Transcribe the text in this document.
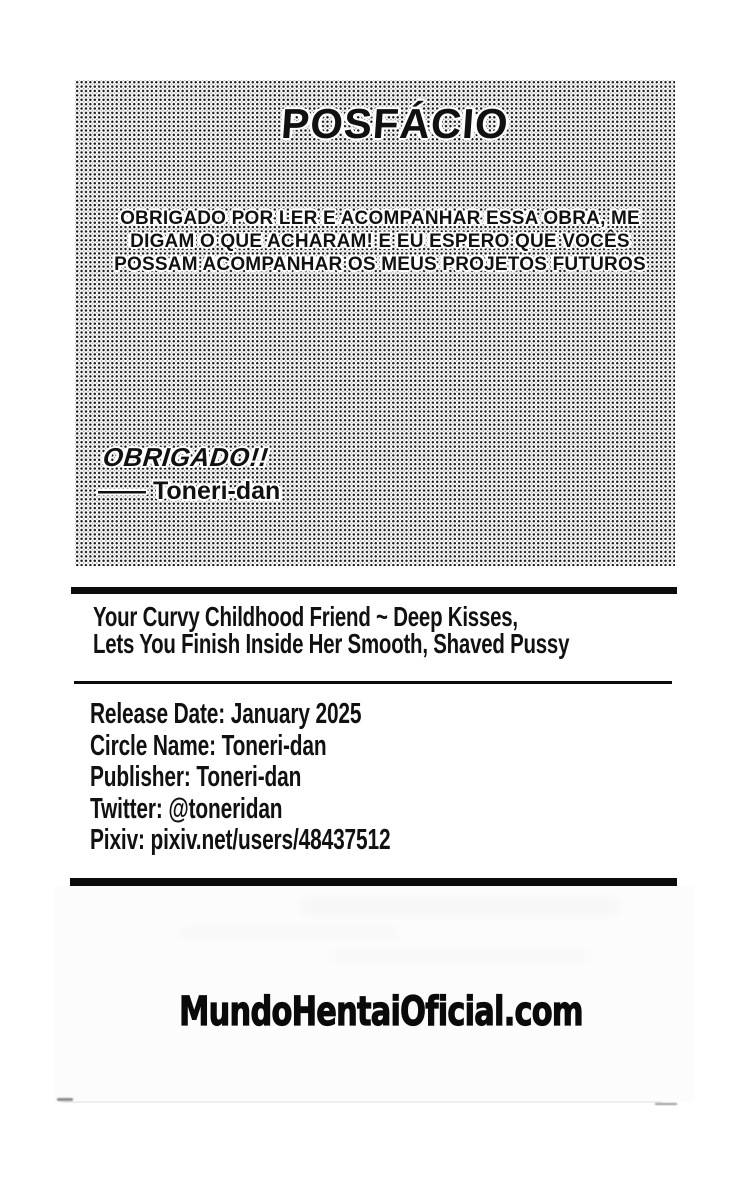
POSFÁCIO
OBRIGADO POR LER E ACOMPANHAR ESSA OBRA, ME
DIGAM O QUE ACHARAM! E EU ESPERO QUE VOCÊS
POSSAM ACOMPANHAR OS MEUS PROJETOS FUTUROS
OBRIGADO!!
—— Toneri-dan
Your Curvy Childhood Friend ~ Deep Kisses,
Lets You Finish Inside Her Smooth, Shaved Pussy
Release Date: January 2025
Circle Name: Toneri-dan
Publisher: Toneri-dan
Twitter: @toneridan
Pixiv: pixiv.net/users/48437512
MundoHentaiOficial.com
